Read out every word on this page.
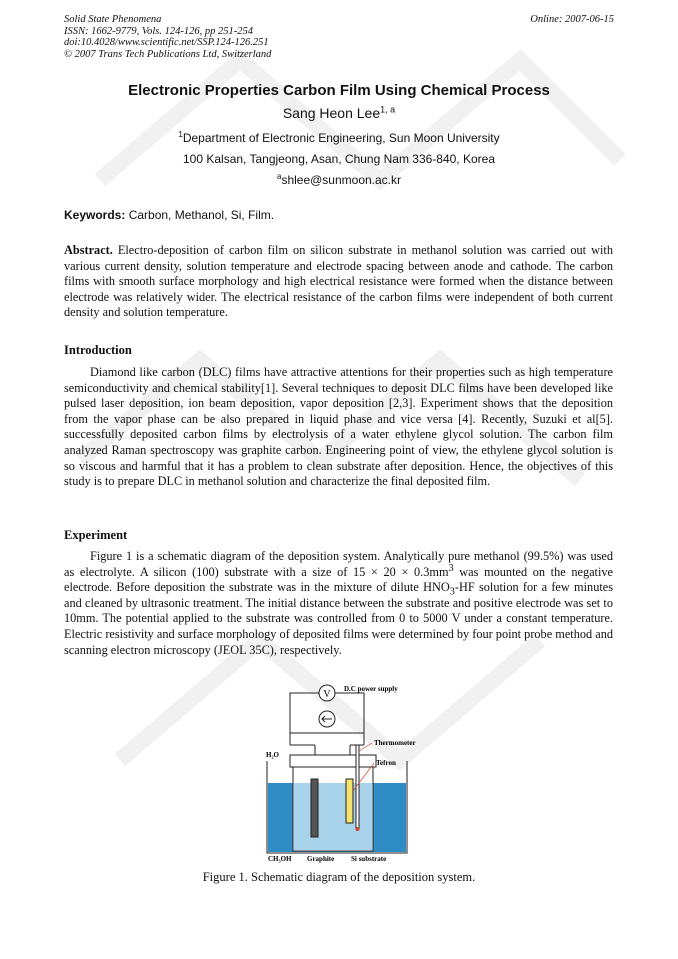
Solid State Phenomena
ISSN: 1662-9779, Vols. 124-126, pp 251-254
doi:10.4028/www.scientific.net/SSP.124-126.251
© 2007 Trans Tech Publications Ltd, Switzerland
Online: 2007-06-15
Electronic Properties Carbon Film Using Chemical Process
Sang Heon Lee$^{1, a}$
$^1$Department of Electronic Engineering, Sun Moon University
100 Kalsan, Tangjeong, Asan, Chung Nam 336-840, Korea
$^a$shlee@sunmoon.ac.kr
Keywords: Carbon, Methanol, Si, Film.

Abstract. Electro-deposition of carbon film on silicon substrate in methanol solution was carried out with various current density, solution temperature and electrode spacing between anode and cathode. The carbon films with smooth surface morphology and high electrical resistance were formed when the distance between electrode was relatively wider. The electrical resistance of the carbon films were independent of both current density and solution temperature.

Introduction

Diamond like carbon (DLC) films have attractive attentions for their properties such as high temperature semiconductivity and chemical stability[1]. Several techniques to deposit DLC films have been developed like pulsed laser deposition, ion beam deposition, vapor deposition [2,3]. Experiment shows that the deposition from the vapor phase can be also prepared in liquid phase and vice versa [4]. Recently, Suzuki et al[5]. successfully deposited carbon films by electrolysis of a water ethylene glycol solution. The carbon film analyzed Raman spectroscopy was graphite carbon. Engineering point of view, the ethylene glycol solution is so viscous and harmful that it has a problem to clean substrate after deposition. Hence, the objectives of this study is to prepare DLC in methanol solution and characterize the final deposited film.

Experiment

Figure 1 is a schematic diagram of the deposition system. Analytically pure methanol (99.5%) was used as electrolyte. A silicon (100) substrate with a size of $15 \times 20 \times 0.3mm^3$ was mounted on the negative electrode. Before deposition the substrate was in the mixture of dilute $HNO_3-HF$ solution for a few minutes and cleaned by ultrasonic treatment. The initial distance between the substrate and positive electrode was set to 10mm. The potential applied to the substrate was controlled from 0 to 5000 V under a constant temperature. Electric resistivity and surface morphology of deposited films were determined by four point probe method and scanning electron microscopy (JEOL 35C), respectively.

V D.C power supply
Thermometer
Tefron
H₂O
CH₃OH Graphite Si substrate
Figure 1. Schematic diagram of the deposition system.
